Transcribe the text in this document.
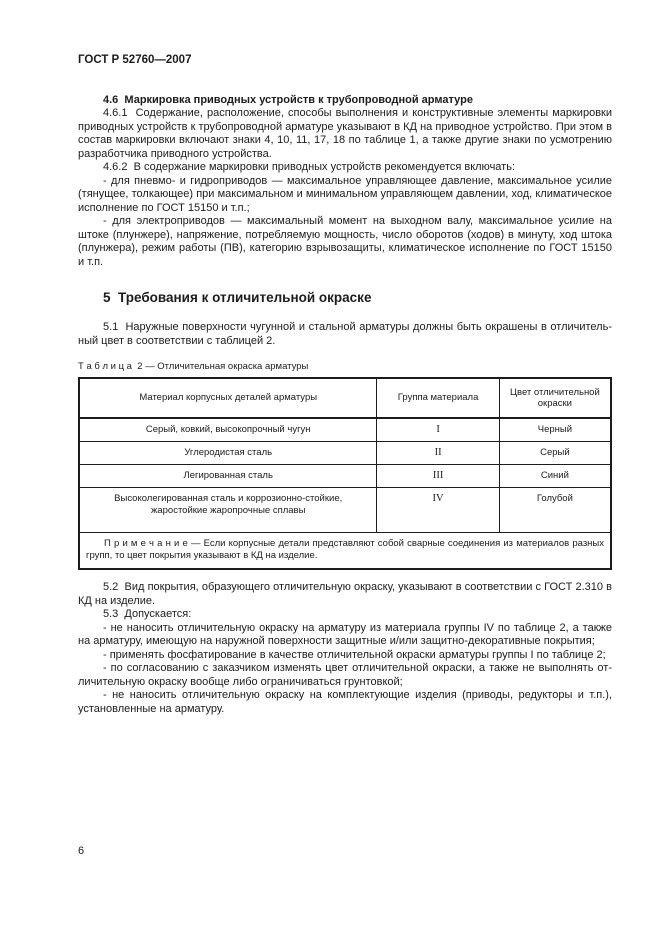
ГОСТ Р 52760—2007
4.6  Маркировка приводных устройств к трубопроводной арматуре

4.6.1  Содержание, расположение, способы выполнения и конструктивные элементы маркировки приводных устройств к трубопроводной арматуре указывают в КД на приводное устройство. При этом в состав маркировки включают знаки 4, 10, 11, 17, 18 по таблице 1, а также другие знаки по усмотрению разработчика приводного устройства.

4.6.2  В содержание маркировки приводных устройств рекомендуется включать:

- для пневмо- и гидроприводов — максимальное управляющее давление, максимальное усилие (тянущее, толкающее) при максимальном и минимальном управляющем давлении, ход, климатическое исполнение по ГОСТ 15150 и т.п.;

- для электроприводов — максимальный момент на выходном валу, максимальное усилие на штоке (плунжере), напряжение, потребляемую мощность, число оборотов (ходов) в минуту, ход штока (плунжера), режим работы (ПВ), категорию взрывозащиты, климатическое исполнение по ГОСТ 15150 и т.п.

5  Требования к отличительной окраске

5.1  Наружные поверхности чугунной и стальной арматуры должны быть окрашены в отличительный цвет в соответствии с таблицей 2.

Т а б л и ц а  2 — Отличительная окраска арматуры

Материал корпусных деталей арматуры	Группа материала	Цвет отличительной окраски
Серый, ковкий, высокопрочный чугун	I	Черный
Углеродистая сталь	II	Серый
Легированная сталь	III	Синий
Высоколегированная сталь и коррозионно-стойкие, жаростойкие жаропрочные сплавы	IV	Голубой
П р и м е ч а н и е — Если корпусные детали представляют собой сварные соединения из материалов разных групп, то цвет покрытия указывают в КД на изделие.		

5.2  Вид покрытия, образующего отличительную окраску, указывают в соответствии с ГОСТ 2.310 в КД на изделие.

5.3  Допускается:

- не наносить отличительную окраску на арматуру из материала группы IV по таблице 2, а также на арматуру, имеющую на наружной поверхности защитные и/или защитно-декоративные покрытия;

- применять фосфатирование в качестве отличительной окраски арматуры группы I по таблице 2;

- по согласованию с заказчиком изменять цвет отличительной окраски, а также не выполнять отличительную окраску вообще либо ограничиваться грунтовкой;

- не наносить отличительную окраску на комплектующие изделия (приводы, редукторы и т.п.), установленные на арматуру.

6
